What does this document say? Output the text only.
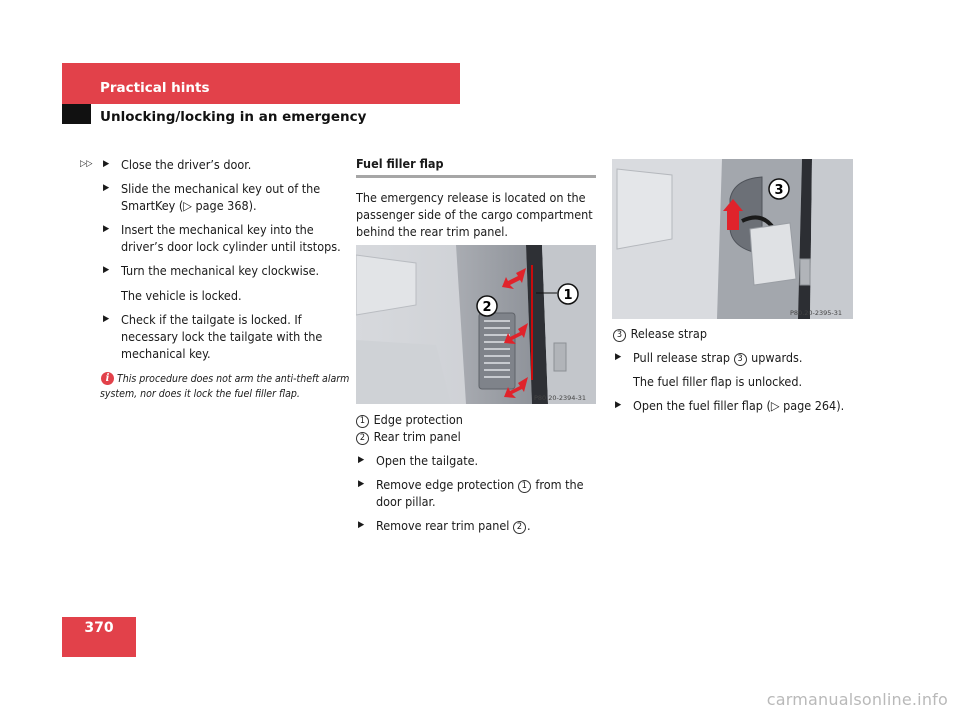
Practical hints
Unlocking/locking in an emergency
▷▷ ▶ Close the driver’s door.
▶ Slide the mechanical key out of the SmartKey (▷ page 368).
▶ Insert the mechanical key into the driver’s door lock cylinder until itstops.
▶ Turn the mechanical key clockwise.
The vehicle is locked.
▶ Check if the tailgate is locked. If necessary lock the tailgate with the mechanical key.
i This procedure does not arm the anti-theft alarm system, nor does it lock the fuel filler flap.
Fuel filler flap
The emergency release is located on the passenger side of the cargo compartment behind the rear trim panel.
1
2
P80.20-2394-31
1 Edge protection
2 Rear trim panel
▶ Open the tailgate.
▶ Remove edge protection 1 from the door pillar.
▶ Remove rear trim panel 2 .
3
P80.20-2395-31
3 Release strap
▶ Pull release strap 3 upwards.
The fuel filler flap is unlocked.
▶ Open the fuel filler flap (▷ page 264).
370
carmanualsonline.info
